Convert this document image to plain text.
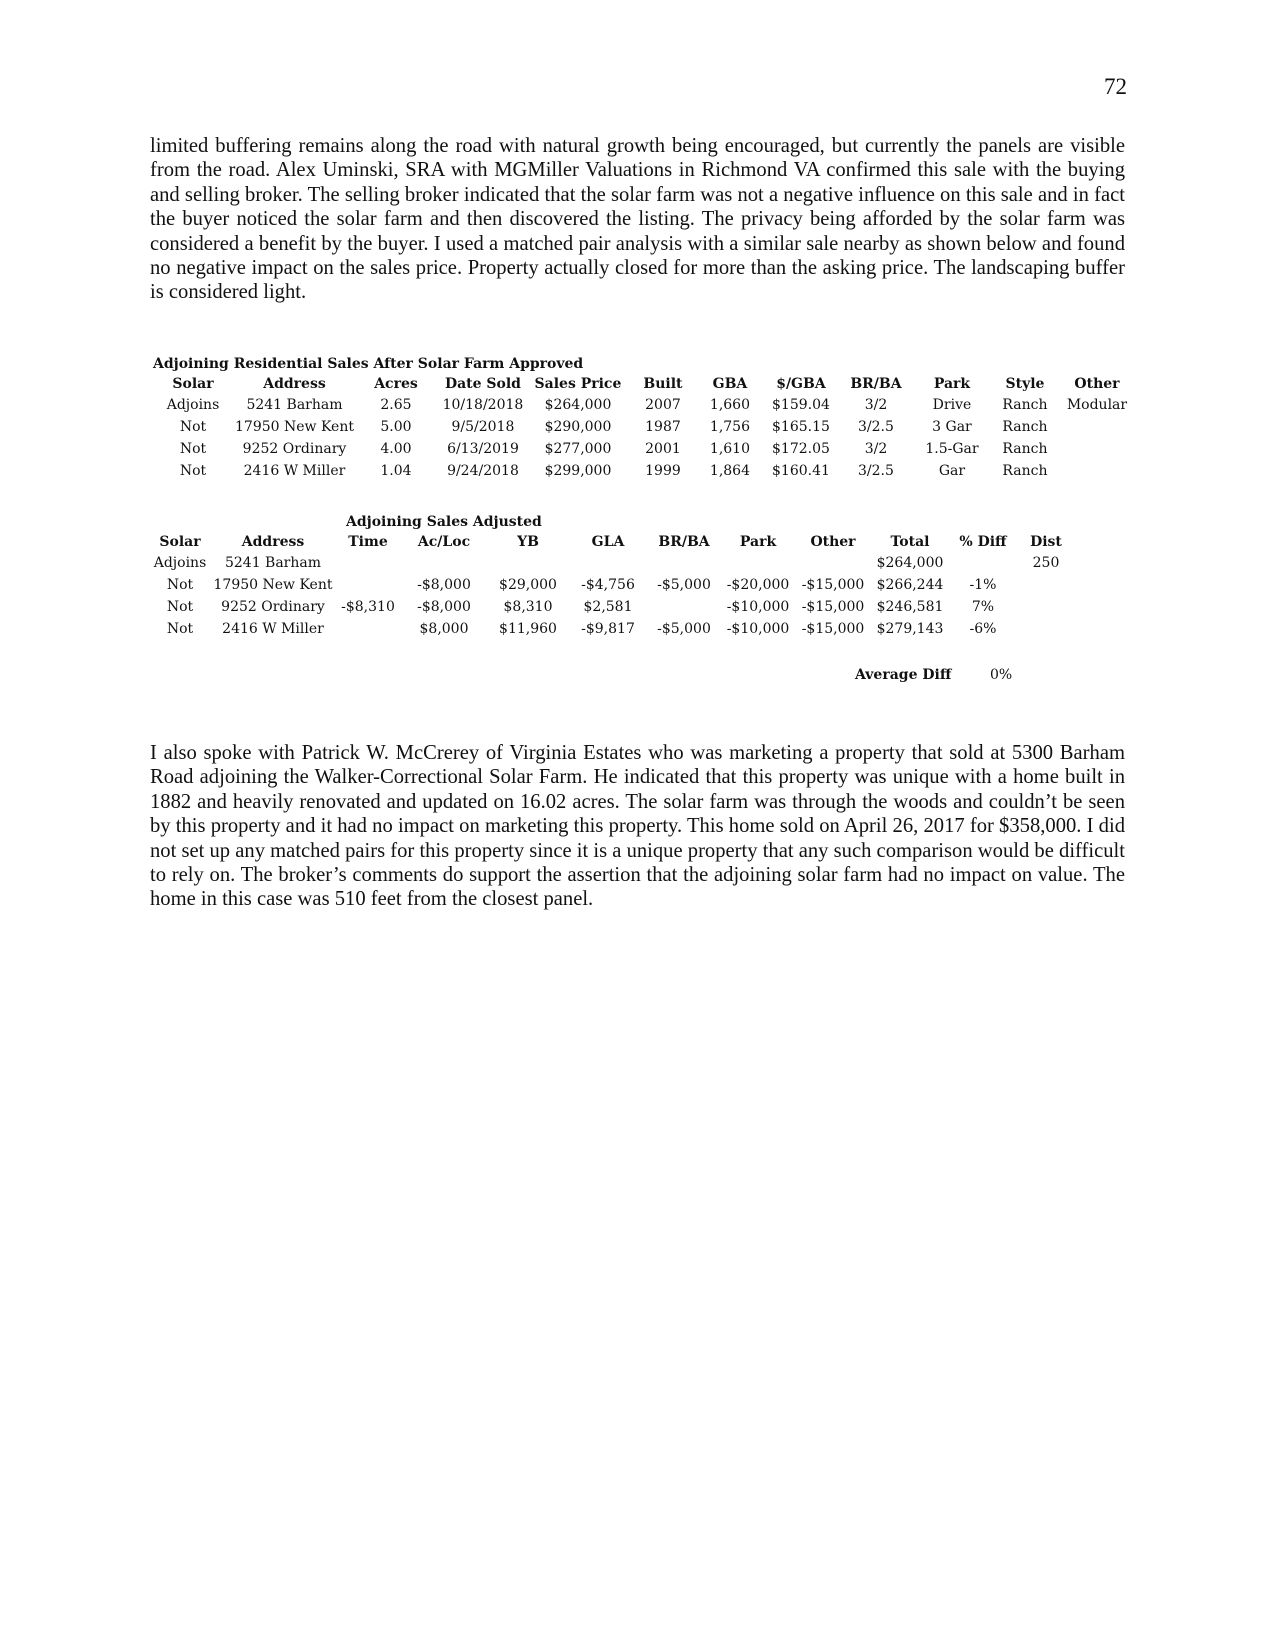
72

limited buffering remains along the road with natural growth being encouraged, but currently the panels are visible from the road. Alex Uminski, SRA with MGMiller Valuations in Richmond VA confirmed this sale with the buying and selling broker. The selling broker indicated that the solar farm was not a negative influence on this sale and in fact the buyer noticed the solar farm and then discovered the listing. The privacy being afforded by the solar farm was considered a benefit by the buyer. I used a matched pair analysis with a similar sale nearby as shown below and found no negative impact on the sales price. Property actually closed for more than the asking price. The landscaping buffer is considered light.

Adjoining Residential Sales After Solar Farm Approved
Solar	Address	Acres	Date Sold	Sales Price	Built	GBA	$/GBA	BR/BA	Park	Style	Other
Adjoins	5241 Barham	2.65	10/18/2018	$264,000	2007	1,660	$159.04	3/2	Drive	Ranch	Modular
Not	17950 New Kent	5.00	9/5/2018	$290,000	1987	1,756	$165.15	3/2.5	3 Gar	Ranch	
Not	9252 Ordinary	4.00	6/13/2019	$277,000	2001	1,610	$172.05	3/2	1.5-Gar	Ranch	
Not	2416 W Miller	1.04	9/24/2018	$299,000	1999	1,864	$160.41	3/2.5	Gar	Ranch	
Adjoining Sales Adjusted
Solar	Address	Time	Ac/Loc	YB	GLA	BR/BA	Park	Other	Total	% Diff	Dist
Adjoins	5241 Barham								$264,000		250
Not	17950 New Kent		-$8,000	$29,000	-$4,756	-$5,000	-$20,000	-$15,000	$266,244	-1%	
Not	9252 Ordinary	-$8,310	-$8,000	$8,310	$2,581		-$10,000	-$15,000	$246,581	7%	
Not	2416 W Miller		$8,000	$11,960	-$9,817	-$5,000	-$10,000	-$15,000	$279,143	-6%	
Average Diff	0%

I also spoke with Patrick W. McCrerey of Virginia Estates who was marketing a property that sold at 5300 Barham Road adjoining the Walker-Correctional Solar Farm. He indicated that this property was unique with a home built in 1882 and heavily renovated and updated on 16.02 acres. The solar farm was through the woods and couldn’t be seen by this property and it had no impact on marketing this property. This home sold on April 26, 2017 for $358,000. I did not set up any matched pairs for this property since it is a unique property that any such comparison would be difficult to rely on. The broker’s comments do support the assertion that the adjoining solar farm had no impact on value. The home in this case was 510 feet from the closest panel.
